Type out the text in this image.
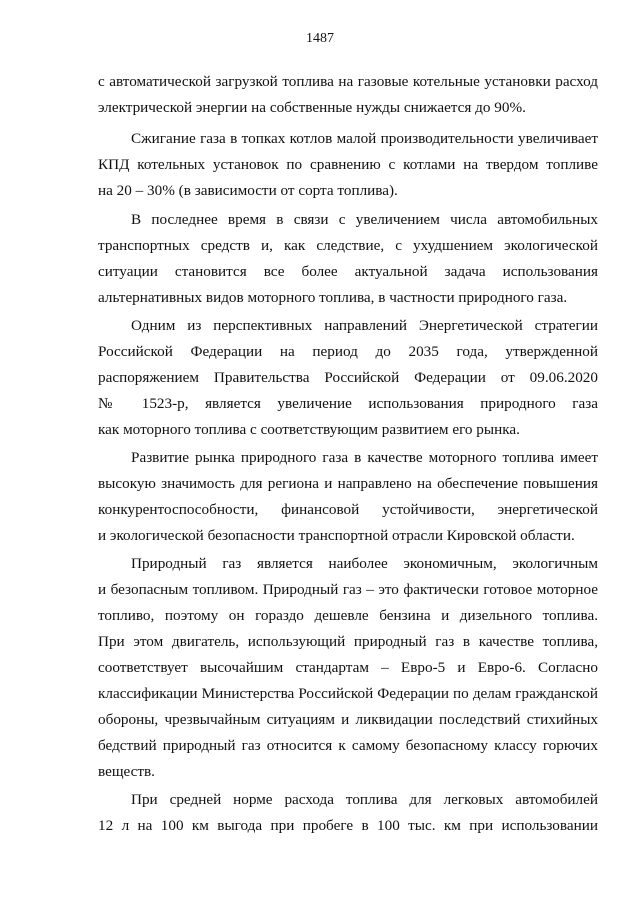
1487
с автоматической загрузкой топлива на газовые котельные установки расход
электрической энергии на собственные нужды снижается до 90%.
Сжигание газа в топках котлов малой производительности увеличивает
КПД котельных установок по сравнению с котлами на твердом топливе
на 20 – 30% (в зависимости от сорта топлива).
В последнее время в связи с увеличением числа автомобильных
транспортных средств и, как следствие, с ухудшением экологической
ситуации становится все более актуальной задача использования
альтернативных видов моторного топлива, в частности природного газа.
Одним из перспективных направлений Энергетической стратегии
Российской Федерации на период до 2035 года, утвержденной
распоряжением Правительства Российской Федерации от 09.06.2020
№ 1523-р, является увеличение использования природного газа
как моторного топлива с соответствующим развитием его рынка.
Развитие рынка природного газа в качестве моторного топлива имеет
высокую значимость для региона и направлено на обеспечение повышения
конкурентоспособности, финансовой устойчивости, энергетической
и экологической безопасности транспортной отрасли Кировской области.
Природный газ является наиболее экономичным, экологичным
и безопасным топливом. Природный газ – это фактически готовое моторное
топливо, поэтому он гораздо дешевле бензина и дизельного топлива.
При этом двигатель, использующий природный газ в качестве топлива,
соответствует высочайшим стандартам – Евро-5 и Евро-6. Согласно
классификации Министерства Российской Федерации по делам гражданской
обороны, чрезвычайным ситуациям и ликвидации последствий стихийных
бедствий природный газ относится к самому безопасному классу горючих
веществ.
При средней норме расхода топлива для легковых автомобилей
12 л на 100 км выгода при пробеге в 100 тыс. км при использовании
